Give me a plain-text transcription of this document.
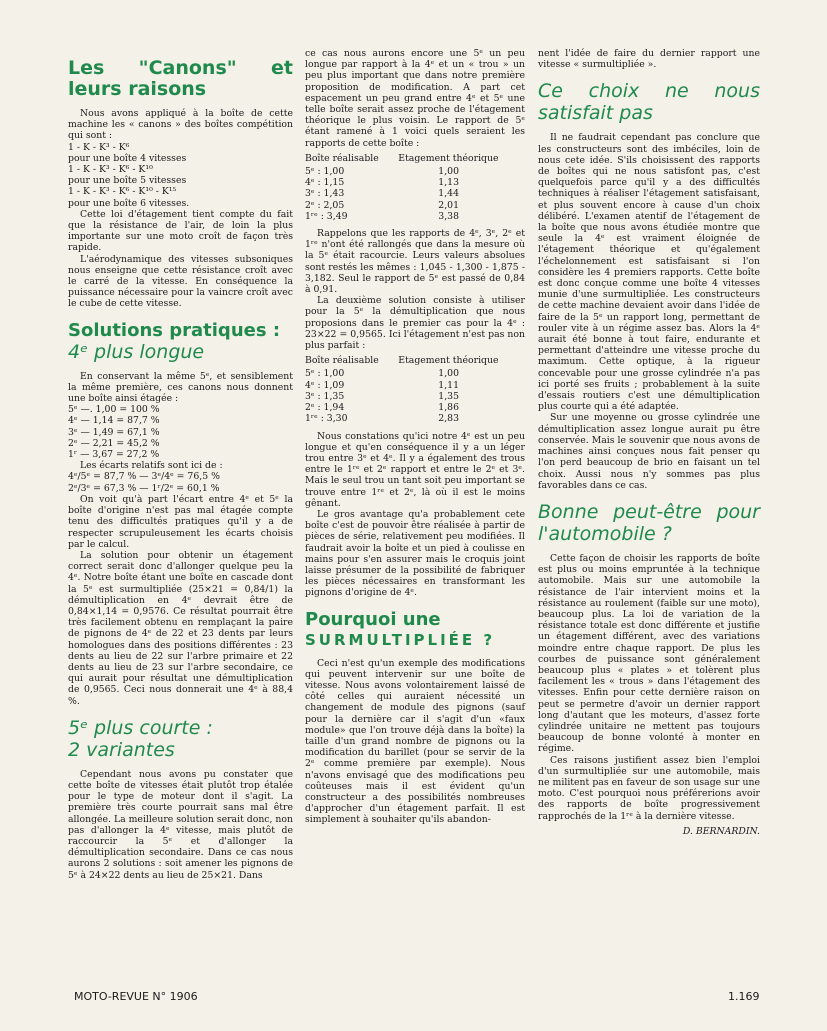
Les "Canons" et leurs raisons

Nous avons appliqué à la boîte de cette machine les « canons » des boîtes compétition qui sont :

1 - K - K³ - K⁶

pour une boîte 4 vitesses

1 - K - K³ - K⁶ - K¹⁰

pour une boîte 5 vitesses

1 - K - K³ - K⁶ - K¹⁰ - K¹⁵

pour une boîte 6 vitesses.

Cette loi d'étagement tient compte du fait que la résistance de l'air, de loin la plus importante sur une moto croît de façon très rapide.

L'aérodynamique des vitesses subsoniques nous enseigne que cette résistance croît avec le carré de la vitesse. En conséquence la puissance nécessaire pour la vaincre croît avec le cube de cette vitesse.

Solutions pratiques :
4ᵉ plus longue

En conservant la même 5ᵉ, et sensiblement la même première, ces canons nous donnent une boîte ainsi étagée :

5ᵉ —. 1,00 = 100 %

4ᵉ — 1,14 = 87,7 %

3ᵉ — 1,49 = 67,1 %

2ᵉ — 2,21 = 45,2 %

1ʳ — 3,67 = 27,2 %

Les écarts relatifs sont ici de :

4ᵉ/5ᵉ = 87,7 % — 3ᵉ/4ᵉ = 76,5 %

2ᵉ/3ᵉ = 67,3 % — 1ʳ/2ᵉ = 60,1 %

On voit qu'à part l'écart entre 4ᵉ et 5ᵉ la boîte d'origine n'est pas mal étagée compte tenu des difficultés pratiques qu'il y a de respecter scrupuleusement les écarts choisis par le calcul.

La solution pour obtenir un étagement correct serait donc d'allonger quelque peu la 4ᵉ. Notre boîte étant une boîte en cascade dont la 5ᵉ est surmultipliée (25×21 = 0,84/1) la démultiplication en 4ᵉ devrait être de 0,84×1,14 = 0,9576. Ce résultat pourrait être très facilement obtenu en remplaçant la paire de pignons de 4ᵉ de 22 et 23 dents par leurs homologues dans des positions différentes : 23 dents au lieu de 22 sur l'arbre primaire et 22 dents au lieu de 23 sur l'arbre secondaire, ce qui aurait pour résultat une démultiplication de 0,9565. Ceci nous donnerait une 4ᵉ à 88,4 %.

5ᵉ plus courte :
2 variantes

Cependant nous avons pu constater que cette boîte de vitesses était plutôt trop étalée pour le type de moteur dont il s'agit. La première très courte pourrait sans mal être allongée. La meilleure solution serait donc, non pas d'allonger la 4ᵉ vitesse, mais plutôt de raccourcir la 5ᵉ et d'allonger la démultiplication secondaire. Dans ce cas nous aurons 2 solutions : soit amener les pignons de 5ᵉ à 24×22 dents au lieu de 25×21. Dans

ce cas nous aurons encore une 5ᵉ un peu longue par rapport à la 4ᵉ et un « trou » un peu plus important que dans notre première proposition de modification. A part cet espacement un peu grand entre 4ᵉ et 5ᵉ une telle boîte serait assez proche de l'étagement théorique le plus voisin. Le rapport de 5ᵉ étant ramené à 1 voici quels seraient les rapports de cette boîte :

Boîte réalisable	Etagement théorique
5ᵉ : 1,00	1,00
4ᵉ : 1,15	1,13
3ᵉ : 1,43	1,44
2ᵉ : 2,05	2,01
1ʳᵉ : 3,49	3,38

Rappelons que les rapports de 4ᵉ, 3ᵉ, 2ᵉ et 1ʳᵉ n'ont été rallongés que dans la mesure où la 5ᵉ était racourcie. Leurs valeurs absolues sont restés les mêmes : 1,045 - 1,300 - 1,875 - 3,182. Seul le rapport de 5ᵉ est passé de 0,84 à 0,91.

La deuxième solution consiste à utiliser pour la 5ᵉ la démultiplication que nous proposions dans le premier cas pour la 4ᵉ : 23×22 = 0,9565. Ici l'étagement n'est pas non plus parfait :

Boîte réalisable	Etagement théorique
5ᵉ : 1,00	1,00
4ᵉ : 1,09	1,11
3ᵉ : 1,35	1,35
2ᵉ : 1,94	1,86
1ʳᵉ : 3,30	2,83

Nous constations qu'ici notre 4ᵉ est un peu longue et qu'en conséquence il y a un léger trou entre 3ᵉ et 4ᵉ. Il y a également des trous entre le 1ʳᵉ et 2ᵉ rapport et entre le 2ᵉ et 3ᵉ. Mais le seul trou un tant soit peu important se trouve entre 1ʳᵉ et 2ᵉ, là où il est le moins gênant.

Le gros avantage qu'a probablement cete boîte c'est de pouvoir être réalisée à partir de pièces de série, relativement peu modifiées. Il faudrait avoir la boîte et un pied à coulisse en mains pour s'en assurer mais le croquis joint laisse présumer de la possibilité de fabriquer les pièces nécessaires en transformant les pignons d'origine de 4ᵉ.

Pourquoi une
SURMULTIPLIÉE ?

Ceci n'est qu'un exemple des modifications qui peuvent intervenir sur une boîte de vitesse. Nous avons volontairement laissé de côté celles qui auraient nécessité un changement de module des pignons (sauf pour la dernière car il s'agit d'un «faux module» que l'on trouve déjà dans la boîte) la taille d'un grand nombre de pignons ou la modification du barillet (pour se servir de la 2ᵉ comme première par exemple). Nous n'avons envisagé que des modifications peu coûteuses mais il est évident qu'un constructeur a des possibilités nombreuses d'approcher d'un étagement parfait. Il est simplement à souhaiter qu'ils abandon-

nent l'idée de faire du dernier rapport une vitesse « surmultipliée ».

Ce choix ne nous satisfait pas

Il ne faudrait cependant pas conclure que les constructeurs sont des imbéciles, loin de nous cete idée. S'ils choisissent des rapports de boîtes qui ne nous satisfont pas, c'est quelquefois parce qu'il y a des difficultés techniques à réaliser l'étagement satisfaisant, et plus souvent encore à cause d'un choix délibéré. L'examen atentif de l'étagement de la boîte que nous avons étudiée montre que seule la 4ᵉ est vraiment éloignée de l'étagement théorique et qu'également l'échelonnement est satisfaisant si l'on considère les 4 premiers rapports. Cette boîte est donc conçue comme une boîte 4 vitesses munie d'une surmultipliée. Les constructeurs de cette machine devaient avoir dans l'idée de faire de la 5ᵉ un rapport long, permettant de rouler vite à un régime assez bas. Alors la 4ᵉ aurait été bonne à tout faire, endurante et permettant d'atteindre une vitesse proche du maximum. Cette optique, à la rigueur concevable pour une grosse cylindrée n'a pas ici porté ses fruits ; probablement à la suite d'essais routiers c'est une démultiplication plus courte qui a été adaptée.

Sur une moyenne ou grosse cylindrée une démultiplication assez longue aurait pu être conservée. Mais le souvenir que nous avons de machines ainsi conçues nous fait penser qu l'on perd beaucoup de brio en faisant un tel choix. Aussi nous n'y sommes pas plus favorables dans ce cas.

Bonne peut-être pour l'automobile ?

Cette façon de choisir les rapports de boîte est plus ou moins empruntée à la technique automobile. Mais sur une automobile la résistance de l'air intervient moins et la résistance au roulement (faible sur une moto), beaucoup plus. La loi de variation de la résistance totale est donc différente et justifie un étagement différent, avec des variations moindre entre chaque rapport. De plus les courbes de puissance sont généralement beaucoup plus « plates » et tolèrent plus facilement les « trous » dans l'étagement des vitesses. Enfin pour cette dernière raison on peut se permetre d'avoir un dernier rapport long d'autant que les moteurs, d'assez forte cylindrée unitaire ne mettent pas toujours beaucoup de bonne volonté à monter en régime.

Ces raisons justifient assez bien l'emploi d'un surmultipliée sur une automobile, mais ne militent pas en faveur de son usage sur une moto. C'est pourquoi nous préférerions avoir des rapports de boîte progressivement rapprochés de la 1ʳᵉ à la dernière vitesse.

D. BERNARDIN.
MOTO-REVUE N° 1906	1.169
